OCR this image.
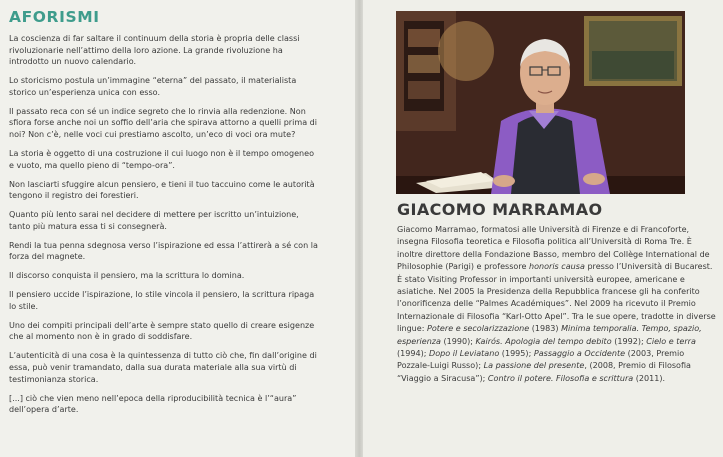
AFORISMI

La coscienza di far saltare il continuum della storia è propria delle classi rivoluzionarie nell’attimo della loro azione. La grande rivoluzione ha introdotto un nuovo calendario.

Lo storicismo postula un’immagine “eterna” del passato, il materialista storico un’esperienza unica con esso.

Il passato reca con sé un indice segreto che lo rinvia alla redenzione. Non sfiora forse anche noi un soffio dell’aria che spirava attorno a quelli prima di noi? Non c’è, nelle voci cui prestiamo ascolto, un’eco di voci ora mute?

La storia è oggetto di una costruzione il cui luogo non è il tempo omogeneo e vuoto, ma quello pieno di “tempo-ora”.

Non lasciarti sfuggire alcun pensiero, e tieni il tuo taccuino come le autorità tengono il registro dei forestieri.

Quanto più lento sarai nel decidere di mettere per iscritto un’intuizione, tanto più matura essa ti si consegnerà.

Rendi la tua penna sdegnosa verso l’ispirazione ed essa l’attirerà a sé con la forza del magnete.

Il discorso conquista il pensiero, ma la scrittura lo domina.

Il pensiero uccide l’ispirazione, lo stile vincola il pensiero, la scrittura ripaga lo stile.

Uno dei compiti principali dell’arte è sempre stato quello di creare esigenze che al momento non è in grado di soddisfare.

L’autenticità di una cosa è la quintessenza di tutto ciò che, fin dall’origine di essa, può venir tramandato, dalla sua durata materiale alla sua virtù di testimonianza storica.

[...] ciò che vien meno nell’epoca della riproducibilità tecnica è l’“aura” dell’opera d’arte.

GIACOMO MARRAMAO

Giacomo Marramao, formatosi alle Università di Firenze e di Francoforte, insegna Filosofia teoretica e Filosofia politica all’Università di Roma Tre. È inoltre direttore della Fondazione Basso, membro del Collège International de Philosophie (Parigi) e professore honoris causa presso l’Università di Bucarest. È stato Visiting Professor in importanti università europee, americane e asiatiche. Nel 2005 la Presidenza della Repubblica francese gli ha conferito l’onorificenza delle “Palmes Académiques”. Nel 2009 ha ricevuto il Premio Internazionale di Filosofia “Karl-Otto Apel”. Tra le sue opere, tradotte in diverse lingue: Potere e secolarizzazione (1983) Minima temporalia. Tempo, spazio, esperienza (1990); Kairós. Apologia del tempo debito (1992); Cielo e terra (1994); Dopo il Leviatano (1995); Passaggio a Occidente (2003, Premio Pozzale-Luigi Russo); La passione del presente, (2008, Premio di Filosofia “Viaggio a Siracusa”); Contro il potere. Filosofia e scrittura (2011).
